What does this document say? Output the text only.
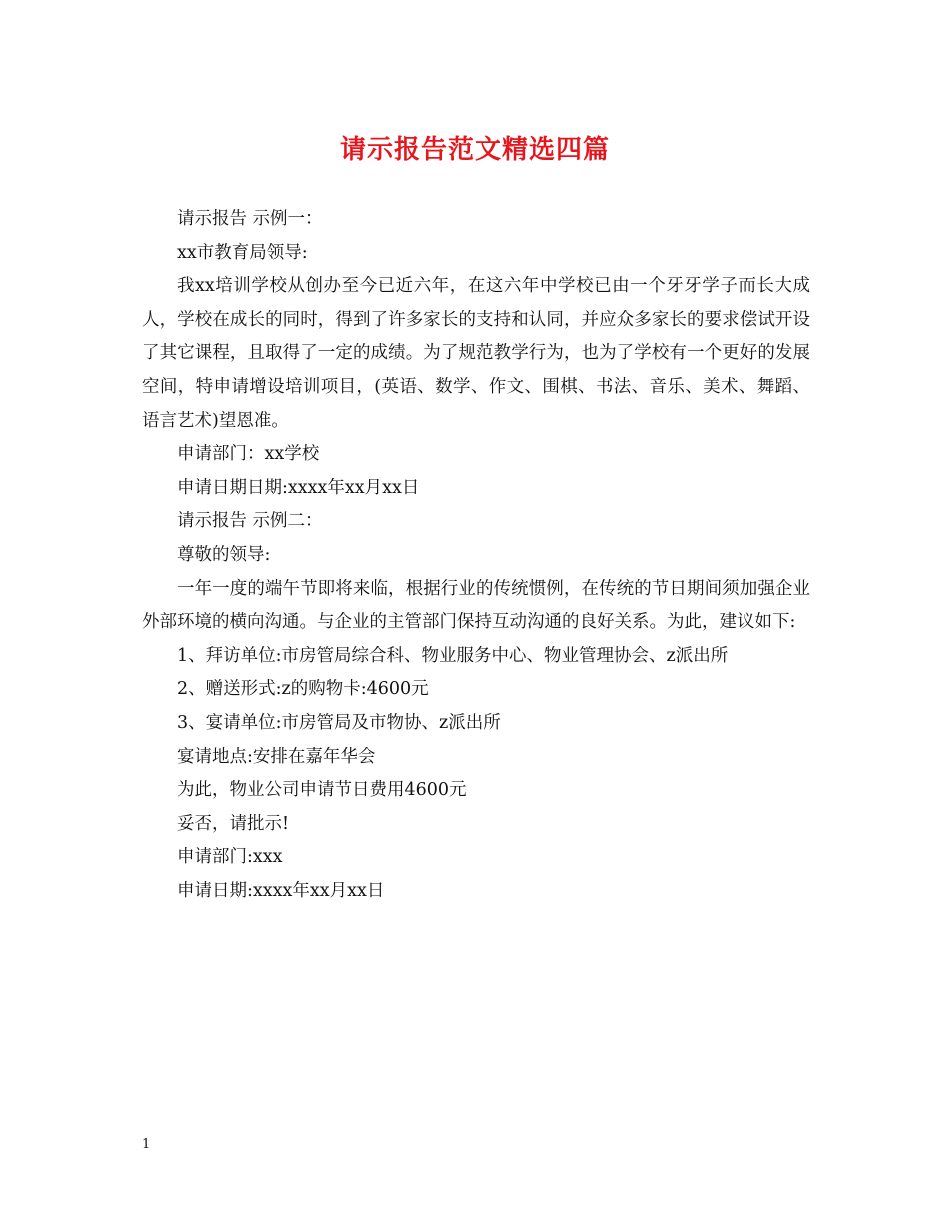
请示报告范文精选四篇

请示报告 示例一：

xx市教育局领导:

我xx培训学校从创办至今已近六年，在这六年中学校已由一个牙牙学子而长大成人，学校在成长的同时，得到了许多家长的支持和认同，并应众多家长的要求偿试开设了其它课程，且取得了一定的成绩。为了规范教学行为，也为了学校有一个更好的发展空间，特申请增设培训项目，(英语、数学、作文、围棋、书法、音乐、美术、舞蹈、语言艺术)望恩准。

申请部门：xx学校

申请日期日期:xxxx年xx月xx日

请示报告 示例二：

尊敬的领导:

一年一度的端午节即将来临，根据行业的传统惯例，在传统的节日期间须加强企业外部环境的横向沟通。与企业的主管部门保持互动沟通的良好关系。为此，建议如下:

1、拜访单位:市房管局综合科、物业服务中心、物业管理协会、z派出所

2、赠送形式:z的购物卡:4600元

3、宴请单位:市房管局及市物协、z派出所

宴请地点:安排在嘉年华会

为此，物业公司申请节日费用4600元

妥否，请批示!

申请部门:xxx

申请日期:xxxx年xx月xx日

1
